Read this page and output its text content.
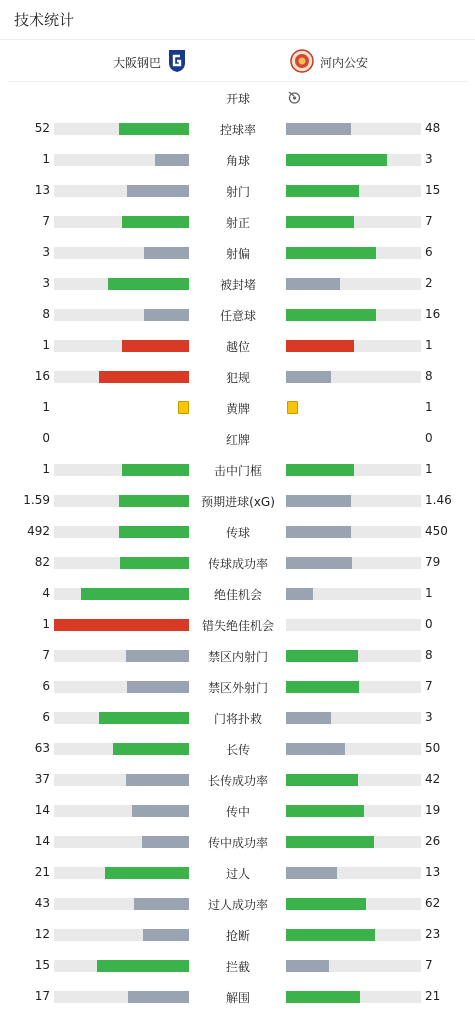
技术统计
大阪钢巴	河内公安
开球
52	控球率	48
1	角球	3
13	射门	15
7	射正	7
3	射偏	6
3	被封堵	2
8	任意球	16
1	越位	1
16	犯规	8
1	黄牌	1
0	红牌	0
1	击中门框	1
1.59	预期进球(xG)	1.46
492	传球	450
82	传球成功率	79
4	绝佳机会	1
1	错失绝佳机会	0
7	禁区内射门	8
6	禁区外射门	7
6	门将扑救	3
63	长传	50
37	长传成功率	42
14	传中	19
14	传中成功率	26
21	过人	13
43	过人成功率	62
12	抢断	23
15	拦截	7
17	解围	21
